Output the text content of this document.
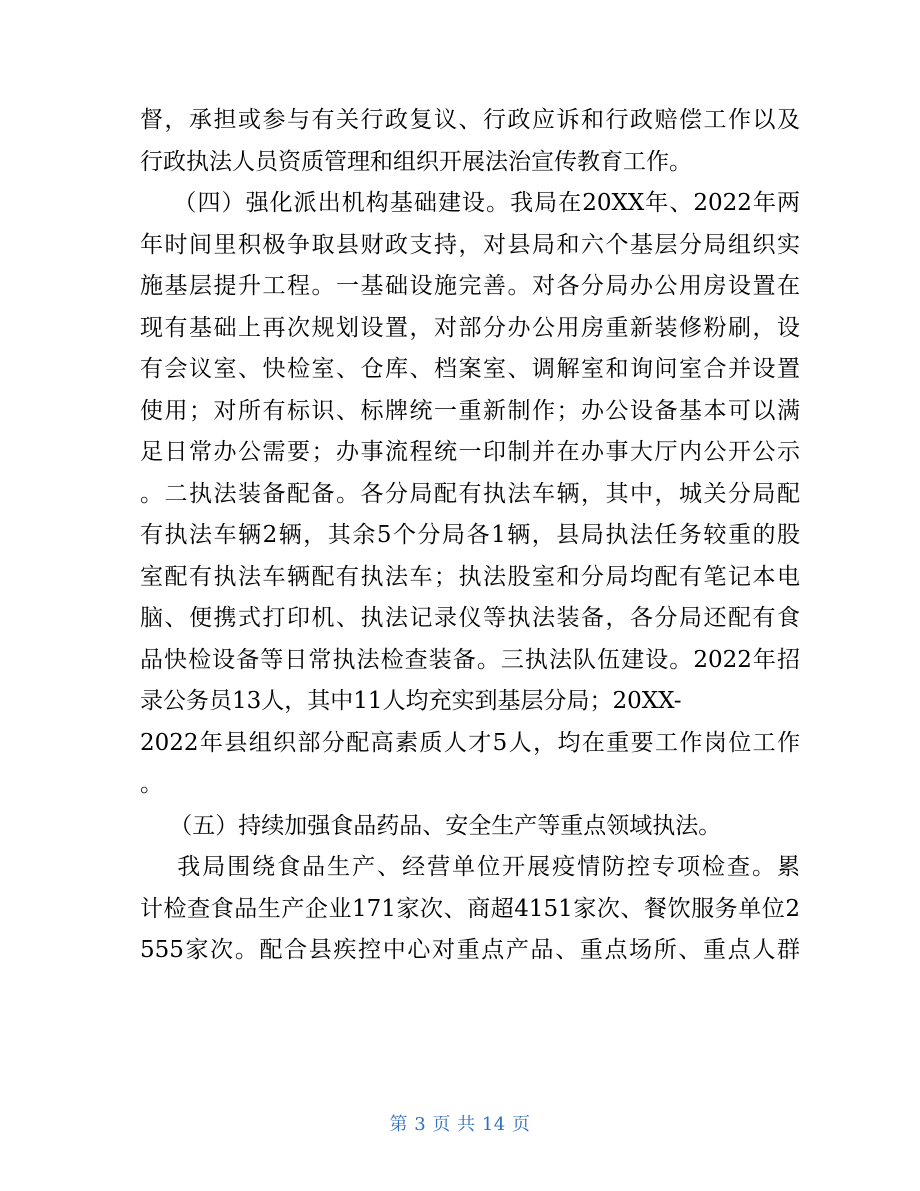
督，承担或参与有关行政复议、行政应诉和行政赔偿工作以及
行政执法人员资质管理和组织开展法治宣传教育工作。
（四）强化派出机构基础建设。我局在20XX年、2022年两
年时间里积极争取县财政支持，对县局和六个基层分局组织实
施基层提升工程。一基础设施完善。对各分局办公用房设置在
现有基础上再次规划设置，对部分办公用房重新装修粉刷，设
有会议室、快检室、仓库、档案室、调解室和询问室合并设置
使用；对所有标识、标牌统一重新制作；办公设备基本可以满
足日常办公需要；办事流程统一印制并在办事大厅内公开公示
。二执法装备配备。各分局配有执法车辆，其中，城关分局配
有执法车辆2辆，其余5个分局各1辆，县局执法任务较重的股
室配有执法车辆配有执法车；执法股室和分局均配有笔记本电
脑、便携式打印机、执法记录仪等执法装备，各分局还配有食
品快检设备等日常执法检查装备。三执法队伍建设。2022年招
录公务员13人，其中11人均充实到基层分局；20XX-
2022年县组织部分配高素质人才5人，均在重要工作岗位工作
。
（五）持续加强食品药品、安全生产等重点领域执法。
我局围绕食品生产、经营单位开展疫情防控专项检查。累
计检查食品生产企业171家次、商超4151家次、餐饮服务单位2
555家次。配合县疾控中心对重点产品、重点场所、重点人群
第 3 页 共 14 页
